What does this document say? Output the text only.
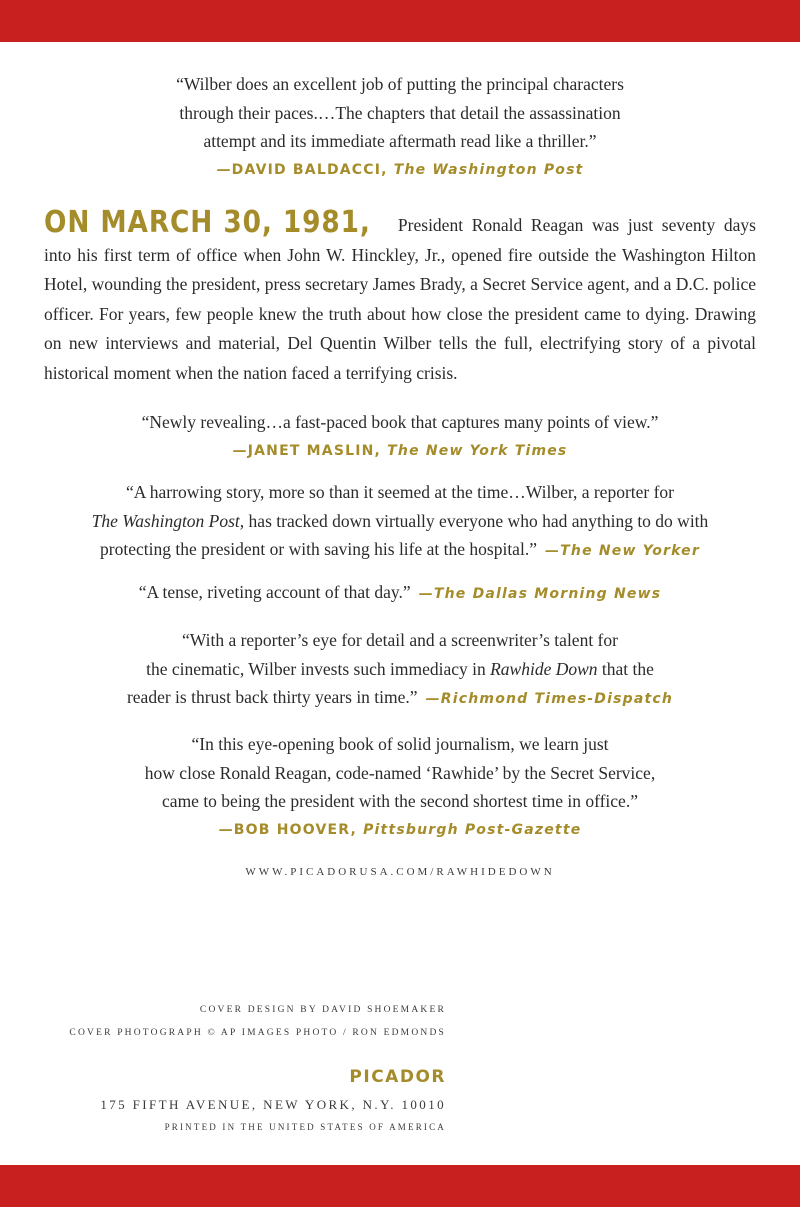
“Wilber does an excellent job of putting the principal characters
through their paces.…The chapters that detail the assassination
attempt and its immediate aftermath read like a thriller.”
—DAVID BALDACCI, The Washington Post

ON MARCH 30, 1981, President Ronald Reagan was just seventy days into his first term of office when John W. Hinckley, Jr., opened fire outside the Washington Hilton Hotel, wounding the president, press secretary James Brady, a Secret Service agent, and a D.C. police officer. For years, few people knew the truth about how close the president came to dying. Drawing on new interviews and material, Del Quentin Wilber tells the full, electrifying story of a pivotal historical moment when the nation faced a terrifying crisis.

“Newly revealing…a fast-paced book that captures many points of view.”
—JANET MASLIN, The New York Times
“A harrowing story, more so than it seemed at the time…Wilber, a reporter for
The Washington Post, has tracked down virtually everyone who had anything to do with
protecting the president or with saving his life at the hospital.” —The New Yorker
“A tense, riveting account of that day.” —The Dallas Morning News
“With a reporter’s eye for detail and a screenwriter’s talent for
the cinematic, Wilber invests such immediacy in Rawhide Down that the
reader is thrust back thirty years in time.” —Richmond Times-Dispatch
“In this eye-opening book of solid journalism, we learn just
how close Ronald Reagan, code-named ‘Rawhide’ by the Secret Service,
came to being the president with the second shortest time in office.”
—BOB HOOVER, Pittsburgh Post-Gazette
WWW.PICADORUSA.COM/RAWHIDEDOWN
COVER DESIGN BY DAVID SHOEMAKER
COVER PHOTOGRAPH © AP IMAGES PHOTO / RON EDMONDS
PICADOR
175 FIFTH AVENUE, NEW YORK, N.Y. 10010
PRINTED IN THE UNITED STATES OF AMERICA
